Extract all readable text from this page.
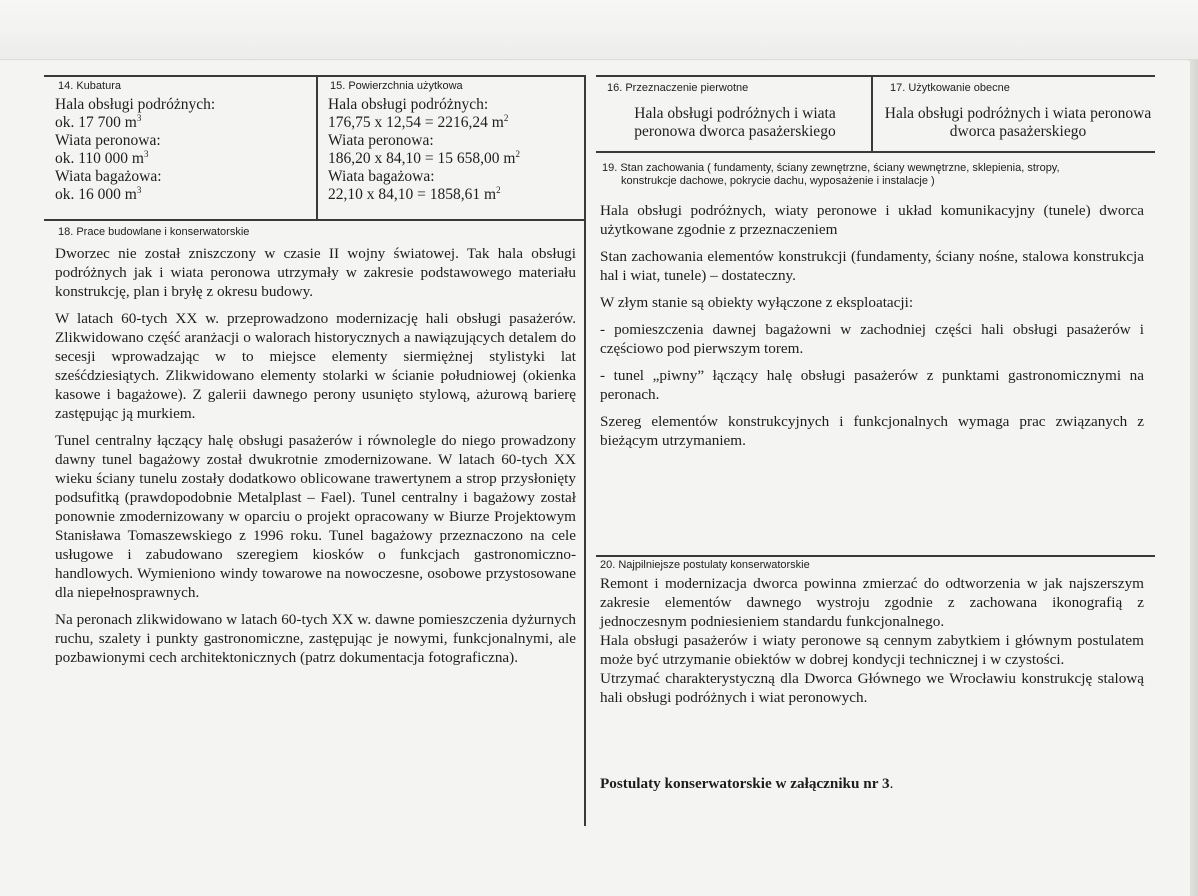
14. Kubatura
Hala obsługi podróżnych:
ok. 17 700 $m^3$
Wiata peronowa:
ok. 110 000 $m^3$
Wiata bagażowa:
ok. 16 000 $m^3$
15. Powierzchnia użytkowa
Hala obsługi podróżnych:
176,75 x 12,54 = 2216,24 $m^2$
Wiata peronowa:
186,20 x 84,10 = 15 658,00 $m^2$
Wiata bagażowa:
22,10 x 84,10 = 1858,61 $m^2$
16. Przeznaczenie pierwotne
Hala obsługi podróżnych i wiata peronowa dworca pasażerskiego
17. Użytkowanie obecne
Hala obsługi podróżnych i wiata peronowa dworca pasażerskiego
18. Prace budowlane i konserwatorskie

Dworzec nie został zniszczony w czasie II wojny światowej. Tak hala obsługi podróżnych jak i wiata peronowa utrzymały w zakresie podstawowego materiału konstrukcję, plan i bryłę z okresu budowy.

W latach 60-tych XX w. przeprowadzono modernizację hali obsługi pasażerów. Zlikwidowano część aranżacji o walorach historycznych a nawiązujących detalem do secesji wprowadzając w to miejsce elementy siermiężnej stylistyki lat sześćdziesiątych. Zlikwidowano elementy stolarki w ścianie południowej (okienka kasowe i bagażowe). Z galerii dawnego perony usunięto stylową, ażurową barierę zastępując ją murkiem.

Tunel centralny łączący halę obsługi pasażerów i równolegle do niego prowadzony dawny tunel bagażowy został dwukrotnie zmodernizowane. W latach 60-tych XX wieku ściany tunelu zostały dodatkowo oblicowane trawertynem a strop przysłonięty podsufitką (prawdopodobnie Metalplast – Fael). Tunel centralny i bagażowy został ponownie zmodernizowany w oparciu o projekt opracowany w Biurze Projektowym Stanisława Tomaszewskiego z 1996 roku. Tunel bagażowy przeznaczono na cele usługowe i zabudowano szeregiem kiosków o funkcjach gastronomiczno-handlowych. Wymieniono windy towarowe na nowoczesne, osobowe przystosowane dla niepełnosprawnych.

Na peronach zlikwidowano w latach 60-tych XX w. dawne pomieszczenia dyżurnych ruchu, szalety i punkty gastronomiczne, zastępując je nowymi, funkcjonalnymi, ale pozbawionymi cech architektonicznych (patrz dokumentacja fotograficzna).

19. Stan zachowania ( fundamenty, ściany zewnętrzne, ściany wewnętrzne, sklepienia, stropy,
konstrukcje dachowe, pokrycie dachu, wyposażenie i instalacje )

Hala obsługi podróżnych, wiaty peronowe i układ komunikacyjny (tunele) dworca użytkowane zgodnie z przeznaczeniem

Stan zachowania elementów konstrukcji (fundamenty, ściany nośne, stalowa konstrukcja hal i wiat, tunele) – dostateczny.

W złym stanie są obiekty wyłączone z eksploatacji:

- pomieszczenia dawnej bagażowni w zachodniej części hali obsługi pasażerów i częściowo pod pierwszym torem.

- tunel „piwny” łączący halę obsługi pasażerów z punktami gastronomicznymi na peronach.

Szereg elementów konstrukcyjnych i funkcjonalnych wymaga prac związanych z bieżącym utrzymaniem.

20. Najpilniejsze postulaty konserwatorskie
Remont i modernizacja dworca powinna zmierzać do odtworzenia w jak najszerszym zakresie elementów dawnego wystroju zgodnie z zachowana ikonografią z jednoczesnym podniesieniem standardu funkcjonalnego.
Hala obsługi pasażerów i wiaty peronowe są cennym zabytkiem i głównym postulatem może być utrzymanie obiektów w dobrej kondycji technicznej i w czystości.
Utrzymać charakterystyczną dla Dworca Głównego we Wrocławiu konstrukcję stalową hali obsługi podróżnych i wiat peronowych.
Postulaty konserwatorskie w załączniku nr 3.
